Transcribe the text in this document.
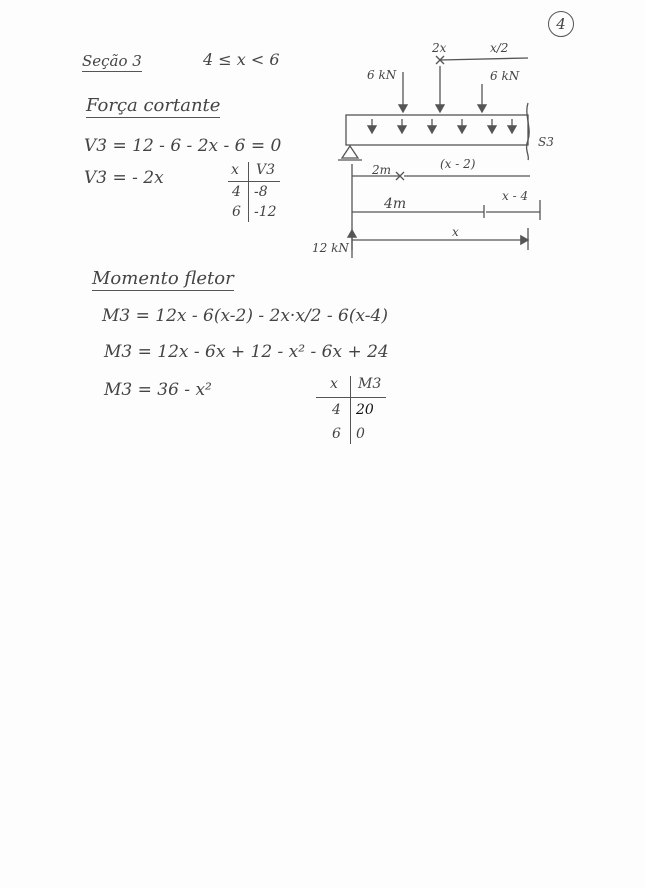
4
Seção 3	4 ≤ x < 6
Força cortante
V3 = 12 - 6 - 2x - 6 = 0
V3 = - 2x	x V3
4 -8
6 -12
Momento fletor
M3 = 12x - 6(x-2) - 2x·x/2 - 6(x-4)
M3 = 12x - 6x + 12 - x² - 6x + 24
M3 = 36 - x²	x M3
4 20
6 0
6 kN	6 kN
2x	x/2
S3
2m	(x - 2)
4m	x - 4
x
12 kN
